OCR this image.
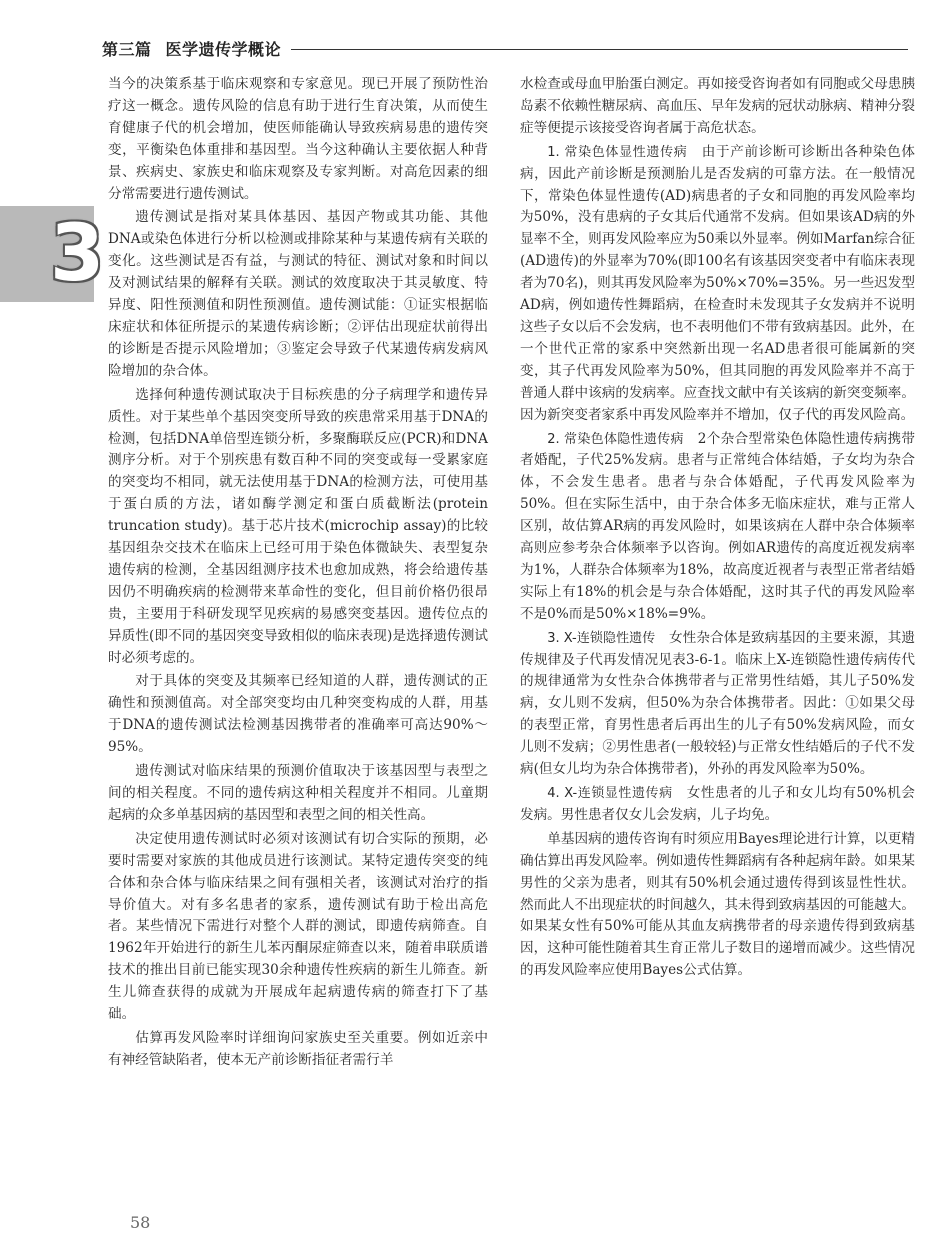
第三篇 医学遗传学概论
3

当今的决策系基于临床观察和专家意见。现已开展了预防性治疗这一概念。遗传风险的信息有助于进行生育决策，从而使生育健康子代的机会增加，使医师能确认导致疾病易患的遗传突变，平衡染色体重排和基因型。当今这种确认主要依据人种背景、疾病史、家族史和临床观察及专家判断。对高危因素的细分常需要进行遗传测试。

遗传测试是指对某具体基因、基因产物或其功能、其他DNA或染色体进行分析以检测或排除某种与某遗传病有关联的变化。这些测试是否有益，与测试的特征、测试对象和时间以及对测试结果的解释有关联。测试的效度取决于其灵敏度、特异度、阳性预测值和阴性预测值。遗传测试能：①证实根据临床症状和体征所提示的某遗传病诊断；②评估出现症状前得出的诊断是否提示风险增加；③鉴定会导致子代某遗传病发病风险增加的杂合体。

选择何种遗传测试取决于目标疾患的分子病理学和遗传异质性。对于某些单个基因突变所导致的疾患常采用基于DNA的检测，包括DNA单倍型连锁分析，多聚酶联反应(PCR)和DNA测序分析。对于个别疾患有数百种不同的突变或每一受累家庭的突变均不相同，就无法使用基于DNA的检测方法，可使用基于蛋白质的方法，诸如酶学测定和蛋白质截断法(protein truncation study)。基于芯片技术(microchip assay)的比较基因组杂交技术在临床上已经可用于染色体微缺失、表型复杂遗传病的检测，全基因组测序技术也愈加成熟，将会给遗传基因仍不明确疾病的检测带来革命性的变化，但目前价格仍很昂贵，主要用于科研发现罕见疾病的易感突变基因。遗传位点的异质性(即不同的基因突变导致相似的临床表现)是选择遗传测试时必须考虑的。

对于具体的突变及其频率已经知道的人群，遗传测试的正确性和预测值高。对全部突变均由几种突变构成的人群，用基于DNA的遗传测试法检测基因携带者的准确率可高达90%～95%。

遗传测试对临床结果的预测价值取决于该基因型与表型之间的相关程度。不同的遗传病这种相关程度并不相同。儿童期起病的众多单基因病的基因型和表型之间的相关性高。

决定使用遗传测试时必须对该测试有切合实际的预期，必要时需要对家族的其他成员进行该测试。某特定遗传突变的纯合体和杂合体与临床结果之间有强相关者，该测试对治疗的指导价值大。对有多名患者的家系，遗传测试有助于检出高危者。某些情况下需进行对整个人群的测试，即遗传病筛查。自1962年开始进行的新生儿苯丙酮尿症筛查以来，随着串联质谱技术的推出目前已能实现30余种遗传性疾病的新生儿筛查。新生儿筛查获得的成就为开展成年起病遗传病的筛查打下了基础。

估算再发风险率时详细询问家族史至关重要。例如近亲中有神经管缺陷者，使本无产前诊断指征者需行羊

水检查或母血甲胎蛋白测定。再如接受咨询者如有同胞或父母患胰岛素不依赖性糖尿病、高血压、早年发病的冠状动脉病、精神分裂症等便提示该接受咨询者属于高危状态。

1. 常染色体显性遗传病　 由于产前诊断可诊断出各种染色体病，因此产前诊断是预测胎儿是否发病的可靠方法。在一般情况下，常染色体显性遗传(AD)病患者的子女和同胞的再发风险率均为50%，没有患病的子女其后代通常不发病。但如果该AD病的外显率不全，则再发风险率应为50乘以外显率。例如Marfan综合征(AD遗传)的外显率为70%(即100名有该基因突变者中有临床表现者为70名)，则其再发风险率为50%×70%=35%。另一些迟发型AD病，例如遗传性舞蹈病，在检查时未发现其子女发病并不说明这些子女以后不会发病，也不表明他们不带有致病基因。此外，在一个世代正常的家系中突然新出现一名AD患者很可能属新的突变，其子代再发风险率为50%，但其同胞的再发风险率并不高于普通人群中该病的发病率。应查找文献中有关该病的新突变频率。因为新突变者家系中再发风险率并不增加，仅子代的再发风险高。

2. 常染色体隐性遗传病　 2个杂合型常染色体隐性遗传病携带者婚配，子代25%发病。患者与正常纯合体结婚，子女均为杂合体，不会发生患者。患者与杂合体婚配，子代再发风险率为50%。但在实际生活中，由于杂合体多无临床症状，难与正常人区别，故估算AR病的再发风险时，如果该病在人群中杂合体频率高则应参考杂合体频率予以咨询。例如AR遗传的高度近视发病率为1%，人群杂合体频率为18%，故高度近视者与表型正常者结婚实际上有18%的机会是与杂合体婚配，这时其子代的再发风险率不是0%而是50%×18%=9%。

3. X-连锁隐性遗传　 女性杂合体是致病基因的主要来源，其遗传规律及子代再发情况见表3-6-1。临床上X-连锁隐性遗传病传代的规律通常为女性杂合体携带者与正常男性结婚，其儿子50%发病，女儿则不发病，但50%为杂合体携带者。因此：①如果父母的表型正常，育男性患者后再出生的儿子有50%发病风险，而女儿则不发病；②男性患者(一般较轻)与正常女性结婚后的子代不发病(但女儿均为杂合体携带者)，外孙的再发风险率为50%。

4. X-连锁显性遗传病　 女性患者的儿子和女儿均有50%机会发病。男性患者仅女儿会发病，儿子均免。

单基因病的遗传咨询有时须应用Bayes理论进行计算，以更精确估算出再发风险率。例如遗传性舞蹈病有各种起病年龄。如果某男性的父亲为患者，则其有50%机会通过遗传得到该显性性状。然而此人不出现症状的时间越久，其未得到致病基因的可能越大。如果某女性有50%可能从其血友病携带者的母亲遗传得到致病基因，这种可能性随着其生育正常儿子数目的递增而减少。这些情况的再发风险率应使用Bayes公式估算。

58
